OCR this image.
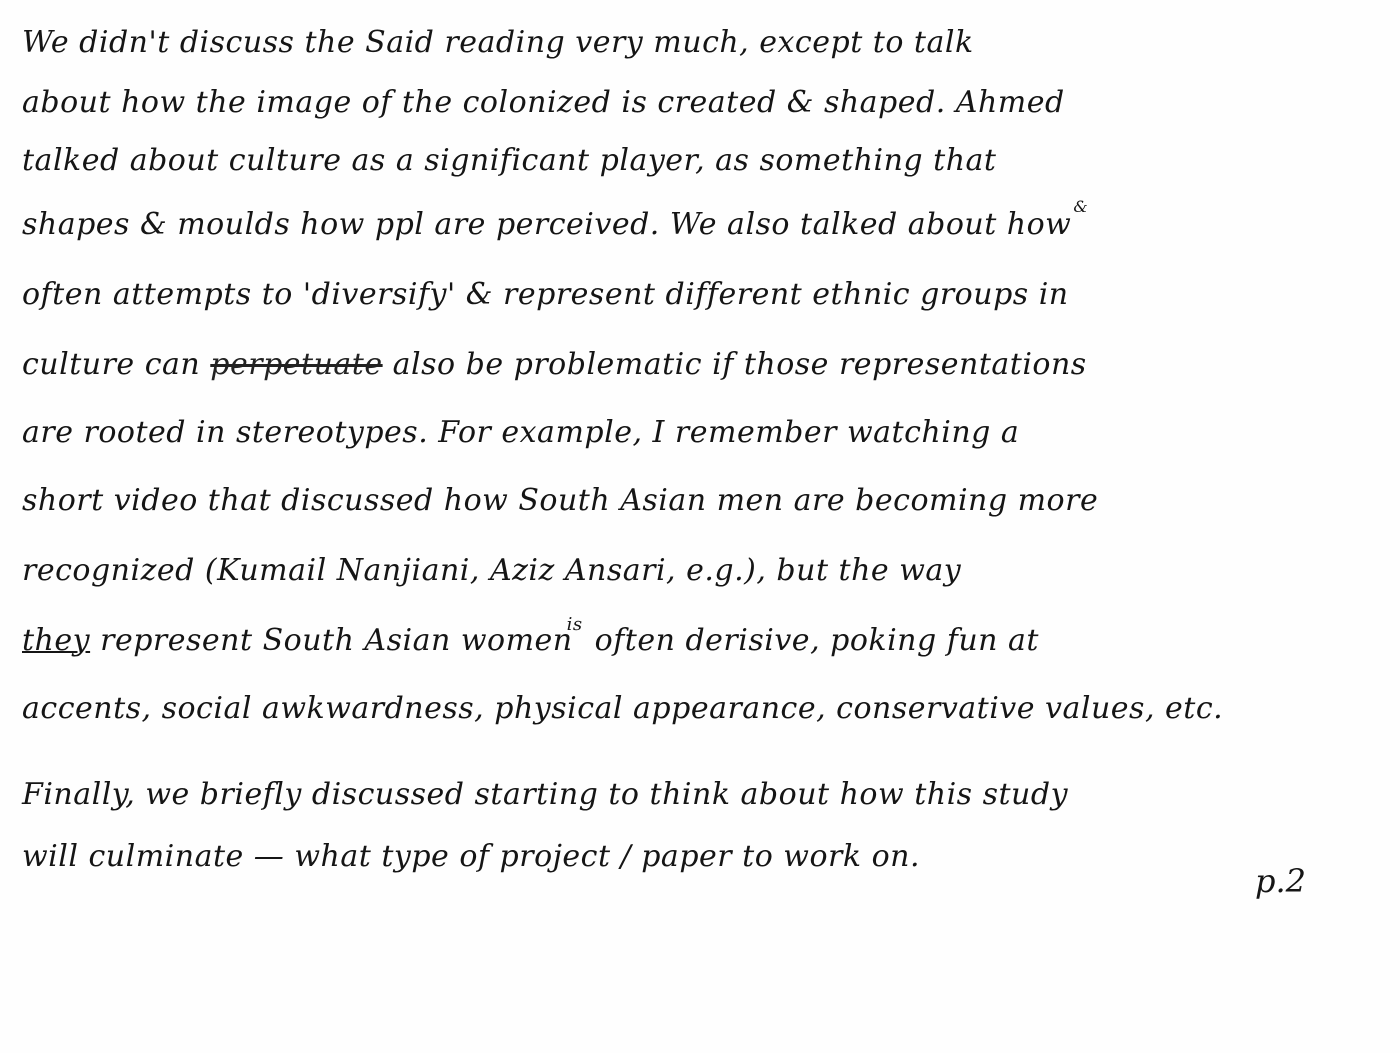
We didn't discuss the Said reading very much, except to talk
about how the image of the colonized is created & shaped. Ahmed
talked about culture as a significant player, as something that
shapes & moulds how ppl are perceived. We also talked about how&
often attempts to 'diversify' & represent different ethnic groups in
culture can perpetuate also be problematic if those representations
are rooted in stereotypes. For example, I remember watching a
short video that discussed how South Asian men are becoming more
recognized (Kumail Nanjiani, Aziz Ansari, e.g.), but the way
they represent South Asian women$^{is}$ often derisive, poking fun at
accents, social awkwardness, physical appearance, conservative values, etc.
Finally, we briefly discussed starting to think about how this study
will culminate — what type of project / paper to work on.
p.2
